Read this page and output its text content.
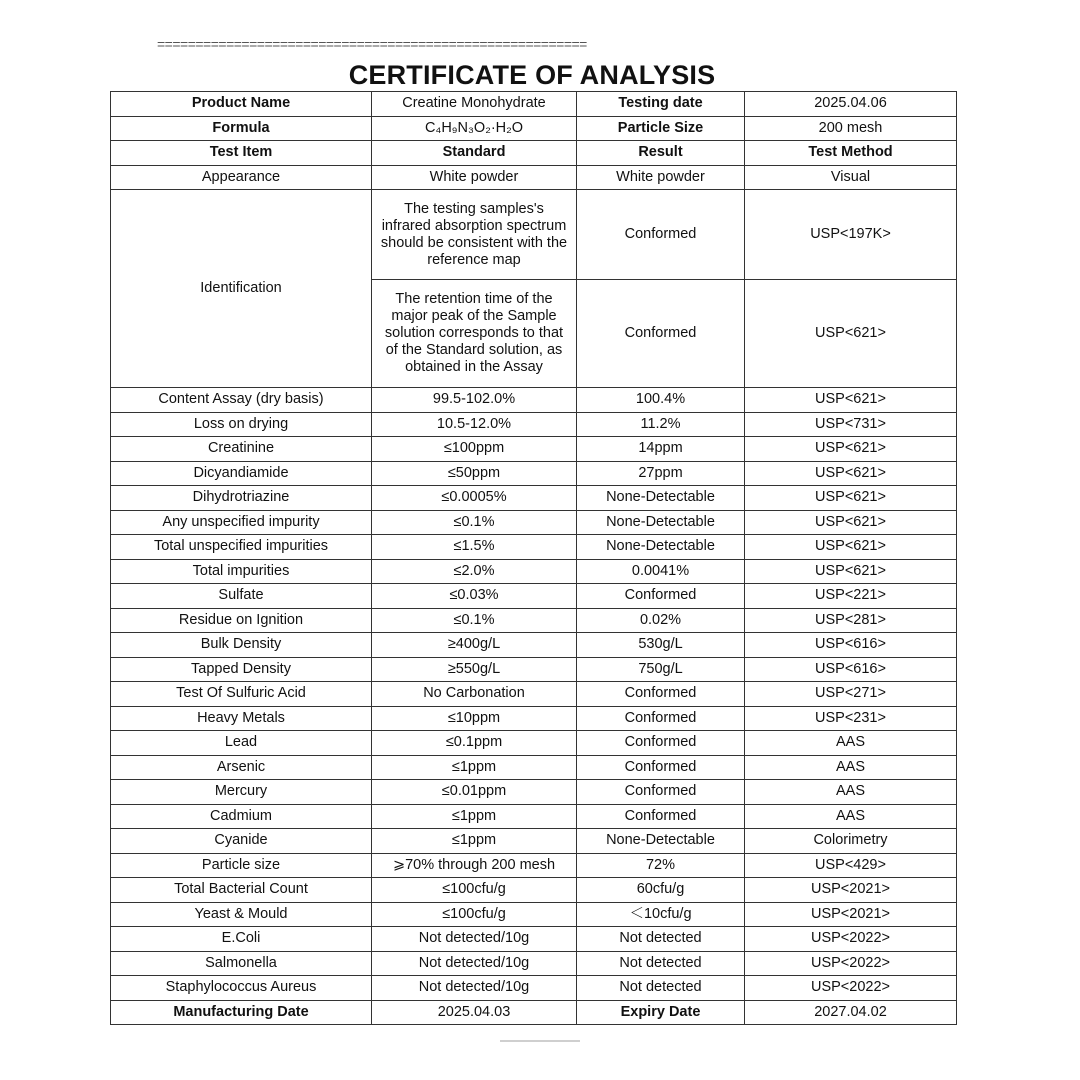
========================================================
CERTIFICATE OF ANALYSIS
Product Name	Creatine Monohydrate	Testing date	2025.04.06
Formula	C₄H₉N₃O₂·H₂O	Particle Size	200 mesh
Test Item	Standard	Result	Test Method
Appearance	White powder	White powder	Visual
Identification	The testing samples's infrared absorption spectrum should be consistent with the reference map	Conformed	USP<197K>
	The retention time of the major peak of the Sample solution corresponds to that of the Standard solution, as obtained in the Assay	Conformed	USP<621>
Content Assay (dry basis)	99.5-102.0%	100.4%	USP<621>
Loss on drying	10.5-12.0%	11.2%	USP<731>
Creatinine	≤100ppm	14ppm	USP<621>
Dicyandiamide	≤50ppm	27ppm	USP<621>
Dihydrotriazine	≤0.0005%	None-Detectable	USP<621>
Any unspecified impurity	≤0.1%	None-Detectable	USP<621>
Total unspecified impurities	≤1.5%	None-Detectable	USP<621>
Total impurities	≤2.0%	0.0041%	USP<621>
Sulfate	≤0.03%	Conformed	USP<221>
Residue on Ignition	≤0.1%	0.02%	USP<281>
Bulk Density	≥400g/L	530g/L	USP<616>
Tapped Density	≥550g/L	750g/L	USP<616>
Test Of Sulfuric Acid	No Carbonation	Conformed	USP<271>
Heavy Metals	≤10ppm	Conformed	USP<231>
Lead	≤0.1ppm	Conformed	AAS
Arsenic	≤1ppm	Conformed	AAS
Mercury	≤0.01ppm	Conformed	AAS
Cadmium	≤1ppm	Conformed	AAS
Cyanide	≤1ppm	None-Detectable	Colorimetry
Particle size	⩾70% through 200 mesh	72%	USP<429>
Total Bacterial Count	≤100cfu/g	60cfu/g	USP<2021>
Yeast & Mould	≤100cfu/g	＜10cfu/g	USP<2021>
E.Coli	Not detected/10g	Not detected	USP<2022>
Salmonella	Not detected/10g	Not detected	USP<2022>
Staphylococcus Aureus	Not detected/10g	Not detected	USP<2022>
Manufacturing Date	2025.04.03	Expiry Date	2027.04.02
